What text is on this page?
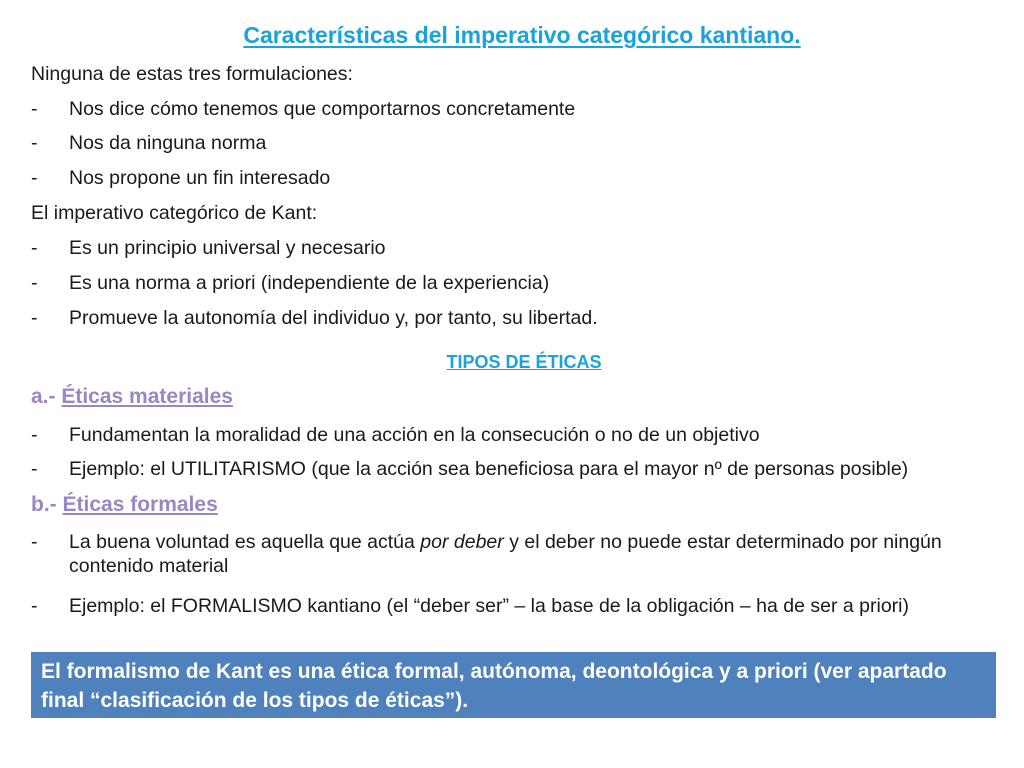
Características del imperativo categórico kantiano.
Ninguna de estas tres formulaciones:
- Nos dice cómo tenemos que comportarnos concretamente
- Nos da ninguna norma
- Nos propone un fin interesado
El imperativo categórico de Kant:
- Es un principio universal y necesario
- Es una norma a priori (independiente de la experiencia)
- Promueve la autonomía del individuo y, por tanto, su libertad.
TIPOS DE ÉTICAS
a.- Éticas materiales
- Fundamentan la moralidad de una acción en la consecución o no de un objetivo
- Ejemplo: el UTILITARISMO (que la acción sea beneficiosa para el mayor nº de personas posible)
b.- Éticas formales
- La buena voluntad es aquella que actúa por deber y el deber no puede estar determinado por ningún contenido material
- Ejemplo: el FORMALISMO kantiano (el “deber ser” – la base de la obligación – ha de ser a priori)
El formalismo de Kant es una ética formal, autónoma, deontológica y a priori (ver apartado final “clasificación de los tipos de éticas”).
